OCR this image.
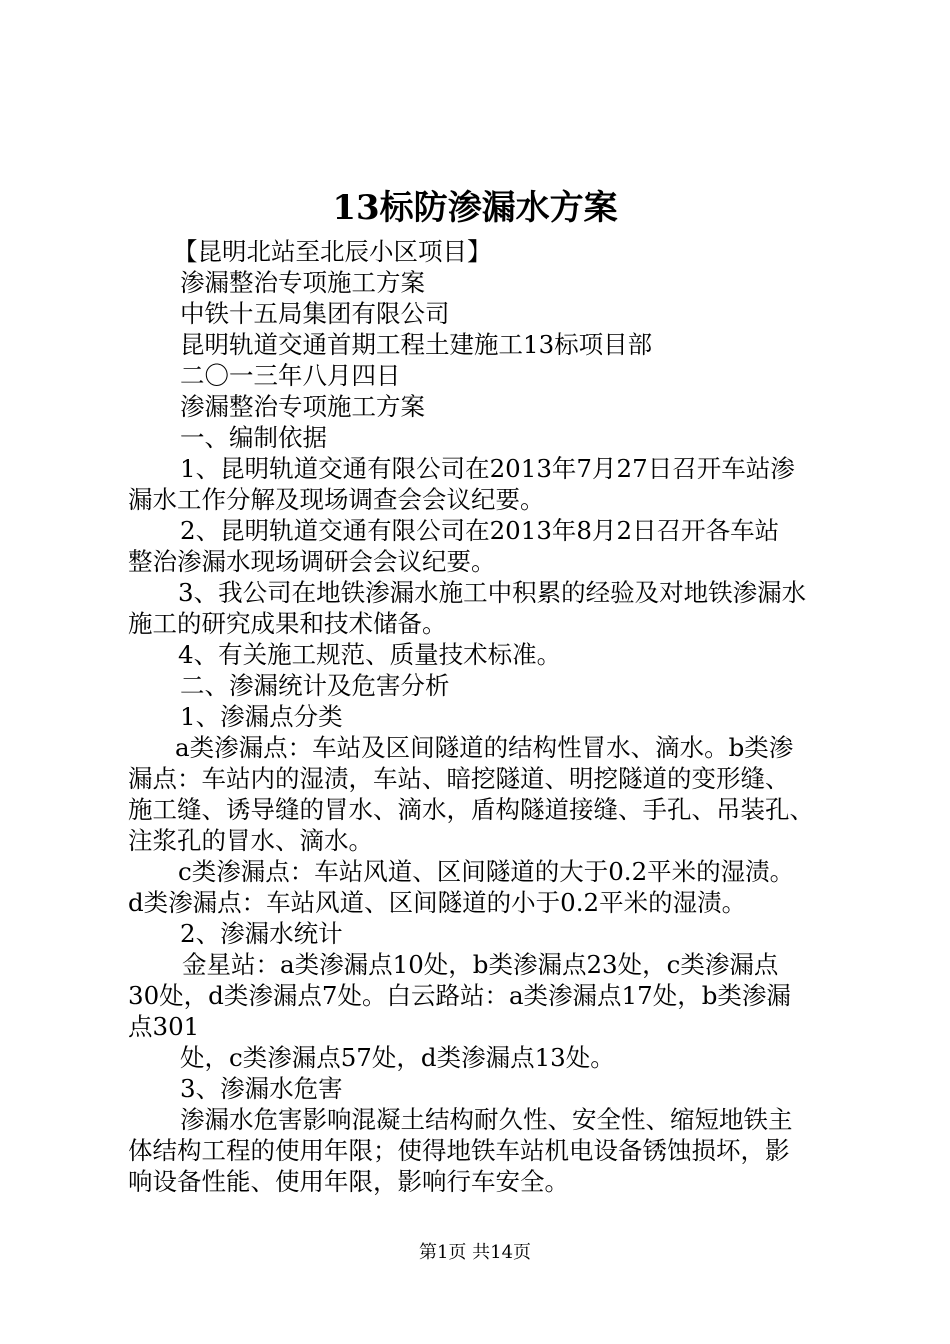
13标防渗漏水方案
【昆明北站至北辰小区项目】
渗漏整治专项施工方案
中铁十五局集团有限公司
昆明轨道交通首期工程土建施工13标项目部
二〇一三年八月四日
渗漏整治专项施工方案
一、编制依据
1、昆明轨道交通有限公司在2013年7月27日召开车站渗
漏水工作分解及现场调查会会议纪要。
2、昆明轨道交通有限公司在2013年8月2日召开各车站
整治渗漏水现场调研会会议纪要。
3、我公司在地铁渗漏水施工中积累的经验及对地铁渗漏水
施工的研究成果和技术储备。
4、有关施工规范、质量技术标准。
二、渗漏统计及危害分析
1、渗漏点分类
a类渗漏点：车站及区间隧道的结构性冒水、滴水。b类渗
漏点：车站内的湿渍，车站、暗挖隧道、明挖隧道的变形缝、
施工缝、诱导缝的冒水、滴水，盾构隧道接缝、手孔、吊装孔、
注浆孔的冒水、滴水。
c类渗漏点：车站风道、区间隧道的大于0.2平米的湿渍。
d类渗漏点：车站风道、区间隧道的小于0.2平米的湿渍。
2、渗漏水统计
金星站：a类渗漏点10处，b类渗漏点23处，c类渗漏点
30处，d类渗漏点7处。白云路站：a类渗漏点17处，b类渗漏
点301
处，c类渗漏点57处，d类渗漏点13处。
3、渗漏水危害
渗漏水危害影响混凝土结构耐久性、安全性、缩短地铁主
体结构工程的使用年限；使得地铁车站机电设备锈蚀损坏，影
响设备性能、使用年限，影响行车安全。
第1页 共14页
